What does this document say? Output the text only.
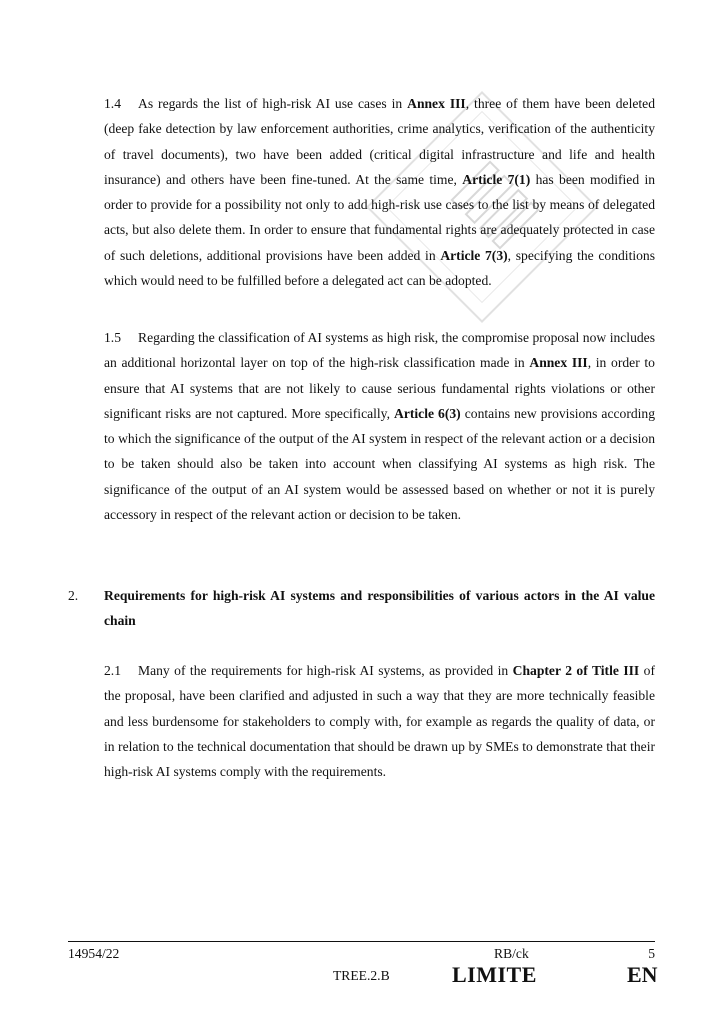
1.4 As regards the list of high-risk AI use cases in Annex III, three of them have been deleted (deep fake detection by law enforcement authorities, crime analytics, verification of the authenticity of travel documents), two have been added (critical digital infrastructure and life and health insurance) and others have been fine-tuned. At the same time, Article 7(1) has been modified in order to provide for a possibility not only to add high-risk use cases to the list by means of delegated acts, but also delete them. In order to ensure that fundamental rights are adequately protected in case of such deletions, additional provisions have been added in Article 7(3), specifying the conditions which would need to be fulfilled before a delegated act can be adopted.
1.5 Regarding the classification of AI systems as high risk, the compromise proposal now includes an additional horizontal layer on top of the high-risk classification made in Annex III, in order to ensure that AI systems that are not likely to cause serious fundamental rights violations or other significant risks are not captured. More specifically, Article 6(3) contains new provisions according to which the significance of the output of the AI system in respect of the relevant action or a decision to be taken should also be taken into account when classifying AI systems as high risk. The significance of the output of an AI system would be assessed based on whether or not it is purely accessory in respect of the relevant action or decision to be taken.
2. Requirements for high-risk AI systems and responsibilities of various actors in the AI value chain
2.1 Many of the requirements for high-risk AI systems, as provided in Chapter 2 of Title III of the proposal, have been clarified and adjusted in such a way that they are more technically feasible and less burdensome for stakeholders to comply with, for example as regards the quality of data, or in relation to the technical documentation that should be drawn up by SMEs to demonstrate that their high-risk AI systems comply with the requirements.
14954/22	RB/ck	5
TREE.2.B	LIMITE	EN
